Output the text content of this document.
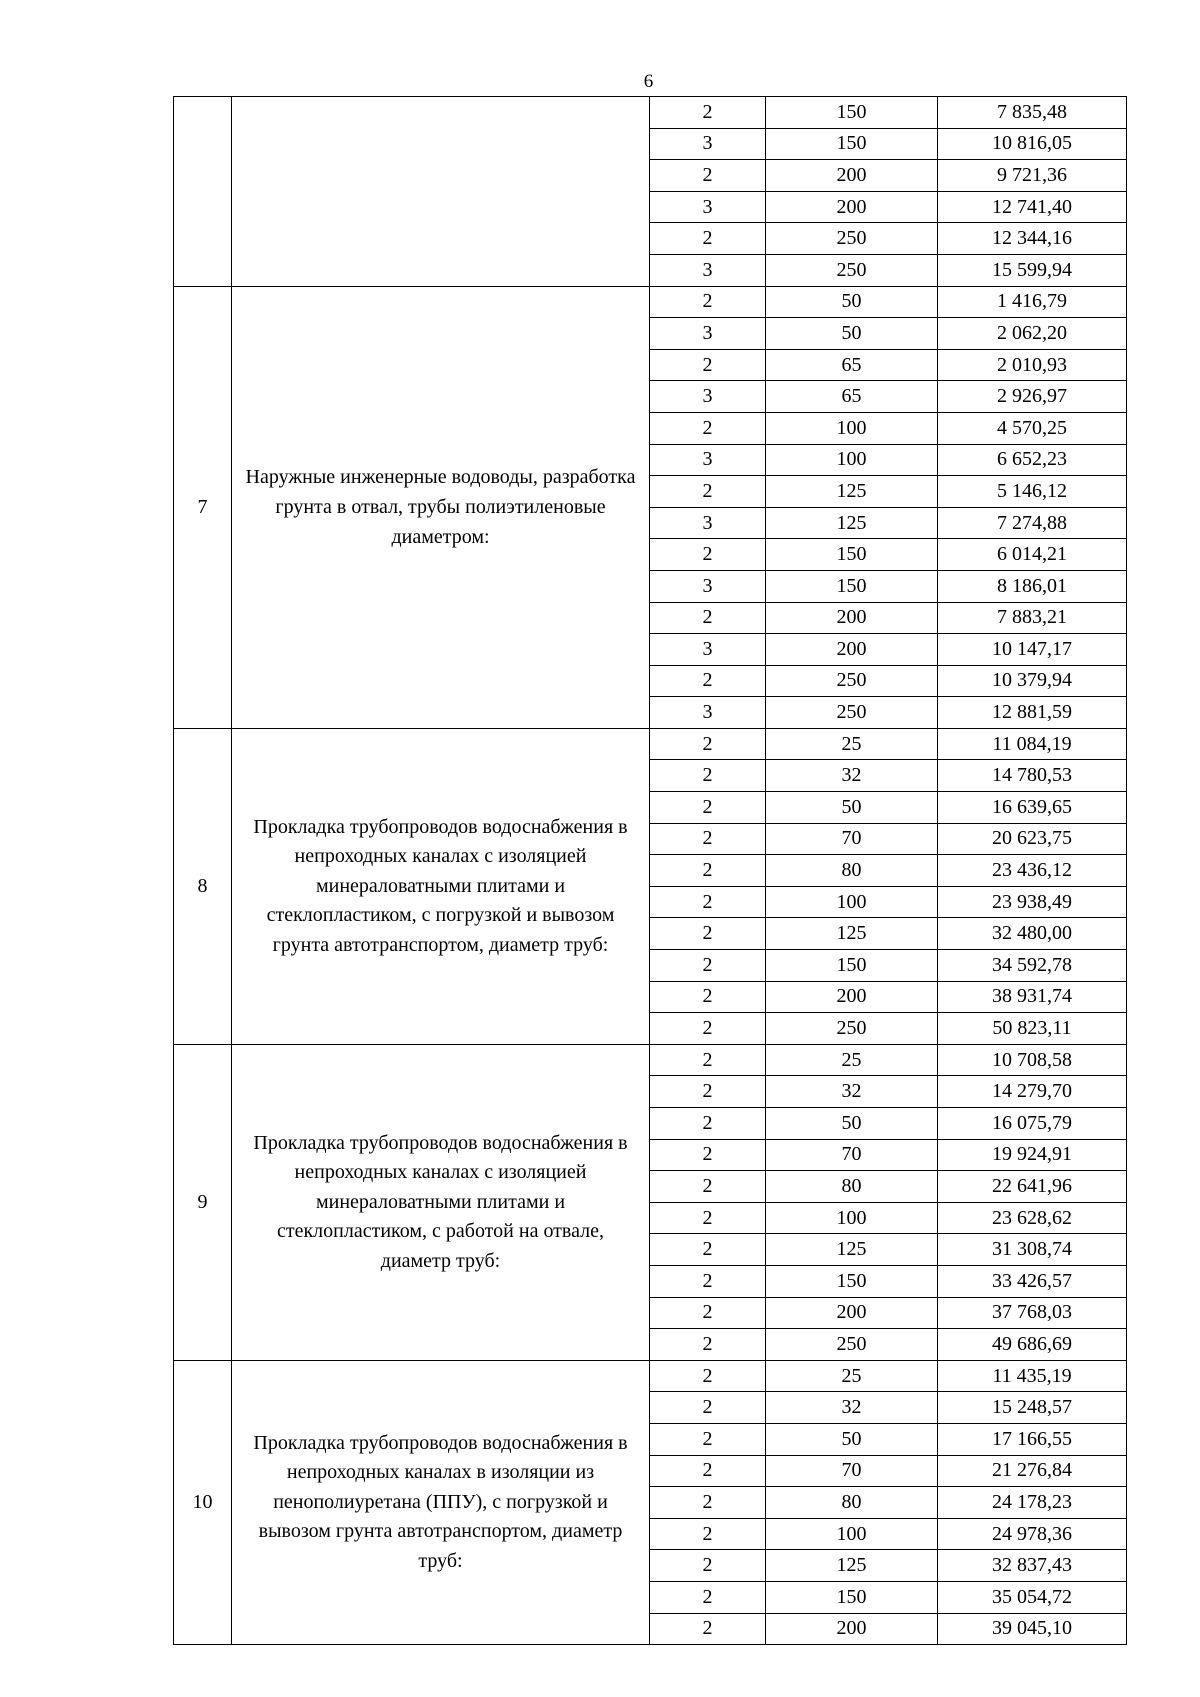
6
		2	150	7 835,48
		3	150	10 816,05
		2	200	9 721,36
		3	200	12 741,40
		2	250	12 344,16
		3	250	15 599,94
7	Наружные инженерные водоводы, разработка грунта в отвал, трубы полиэтиленовые диаметром:	2	50	1 416,79
		3	50	2 062,20
		2	65	2 010,93
		3	65	2 926,97
		2	100	4 570,25
		3	100	6 652,23
		2	125	5 146,12
		3	125	7 274,88
		2	150	6 014,21
		3	150	8 186,01
		2	200	7 883,21
		3	200	10 147,17
		2	250	10 379,94
		3	250	12 881,59
8	Прокладка трубопроводов водоснабжения в непроходных каналах с изоляцией минераловатными плитами и стеклопластиком, с погрузкой и вывозом грунта автотранспортом, диаметр труб:	2	25	11 084,19
		2	32	14 780,53
		2	50	16 639,65
		2	70	20 623,75
		2	80	23 436,12
		2	100	23 938,49
		2	125	32 480,00
		2	150	34 592,78
		2	200	38 931,74
		2	250	50 823,11
9	Прокладка трубопроводов водоснабжения в непроходных каналах с изоляцией минераловатными плитами и стеклопластиком, с работой на отвале, диаметр труб:	2	25	10 708,58
		2	32	14 279,70
		2	50	16 075,79
		2	70	19 924,91
		2	80	22 641,96
		2	100	23 628,62
		2	125	31 308,74
		2	150	33 426,57
		2	200	37 768,03
		2	250	49 686,69
10	Прокладка трубопроводов водоснабжения в непроходных каналах в изоляции из пенополиуретана (ППУ), с погрузкой и вывозом грунта автотранспортом, диаметр труб:	2	25	11 435,19
		2	32	15 248,57
		2	50	17 166,55
		2	70	21 276,84
		2	80	24 178,23
		2	100	24 978,36
		2	125	32 837,43
		2	150	35 054,72
		2	200	39 045,10
